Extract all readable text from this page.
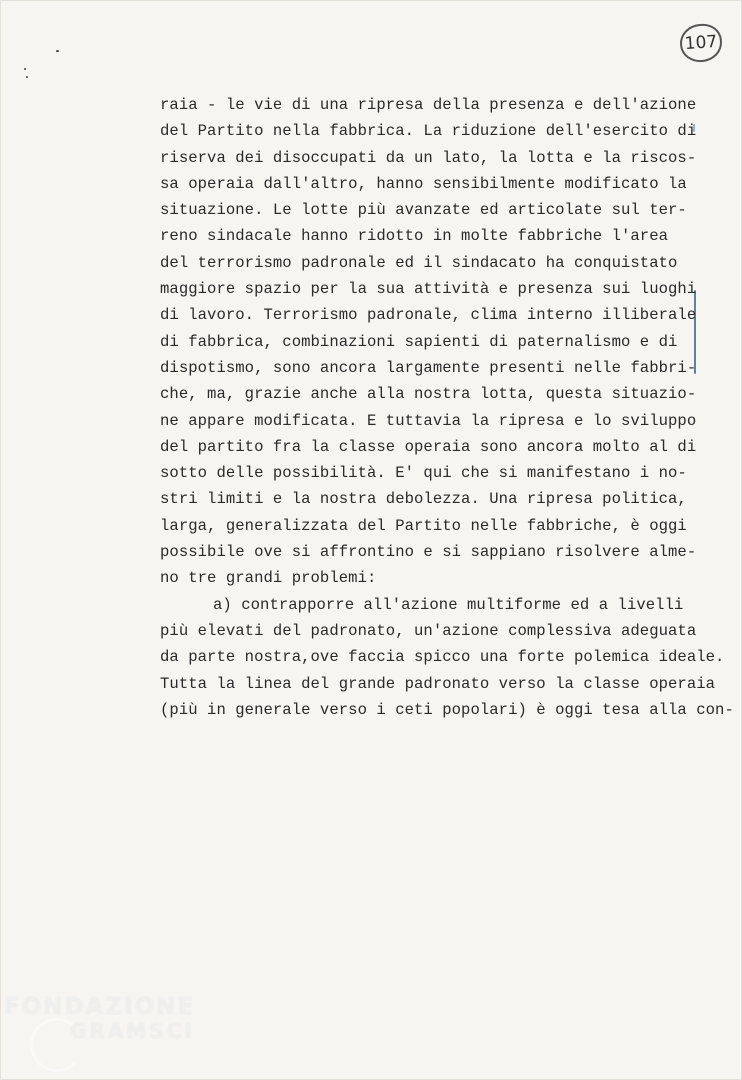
107
raia - le vie di una ripresa della presenza e dell'azione
del Partito nella fabbrica. La riduzione dell'esercito di
riserva dei disoccupati da un lato, la lotta e la riscos-
sa operaia dall'altro, hanno sensibilmente modificato la
situazione. Le lotte più avanzate ed articolate sul ter-
reno sindacale hanno ridotto in molte fabbriche l'area
del terrorismo padronale ed il sindacato ha conquistato
maggiore spazio per la sua attività e presenza sui luoghi
di lavoro. Terrorismo padronale, clima interno illiberale
di fabbrica, combinazioni sapienti di paternalismo e di
dispotismo, sono ancora largamente presenti nelle fabbri-
che, ma, grazie anche alla nostra lotta, questa situazio-
ne appare modificata. E tuttavia la ripresa e lo sviluppo
del partito fra la classe operaia sono ancora molto al di
sotto delle possibilità. E' qui che si manifestano i no-
stri limiti e la nostra debolezza. Una ripresa politica,
larga, generalizzata del Partito nelle fabbriche, è oggi
possibile ove si affrontino e si sappiano risolvere almе-
no tre grandi problemi:
a) contrapporre all'azione multiforme ed a livelli
più elevati del padronato, un'azione complessiva adeguata
da parte nostra,ove faccia spicco una forte polemica ideale.
Tutta la linea del grande padronato verso la classe operaia
(più in generale verso i ceti popolari) è oggi tesa alla con-
FONDAZIONE
GRAMSCI
